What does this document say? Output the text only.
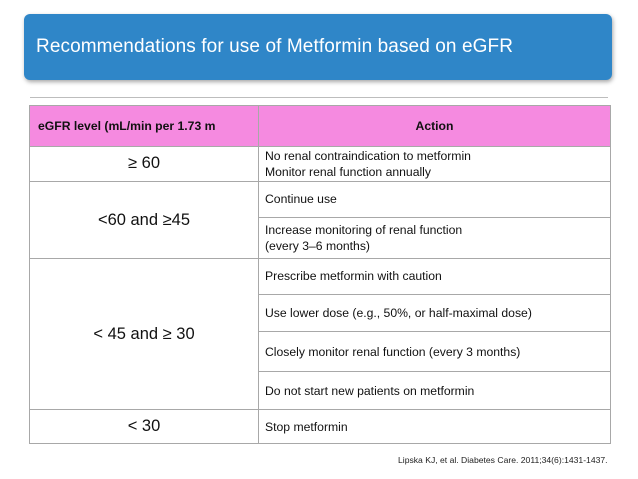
Recommendations for use of Metformin based on eGFR
eGFR level (mL/min per 1.73 m	Action
≥ 60	No renal contraindication to metformin
Monitor renal function annually

<60 and ≥45	Continue use

	Increase monitoring of renal function
(every 3–6 months)

< 45 and ≥ 30	Prescribe metformin with caution

	Use lower dose (e.g., 50%, or half-maximal dose)

	Closely monitor renal function (every 3 months)

	Do not start new patients on metformin

< 30	Stop metformin
Lipska KJ, et al. Diabetes Care. 2011;34(6):1431-1437.
